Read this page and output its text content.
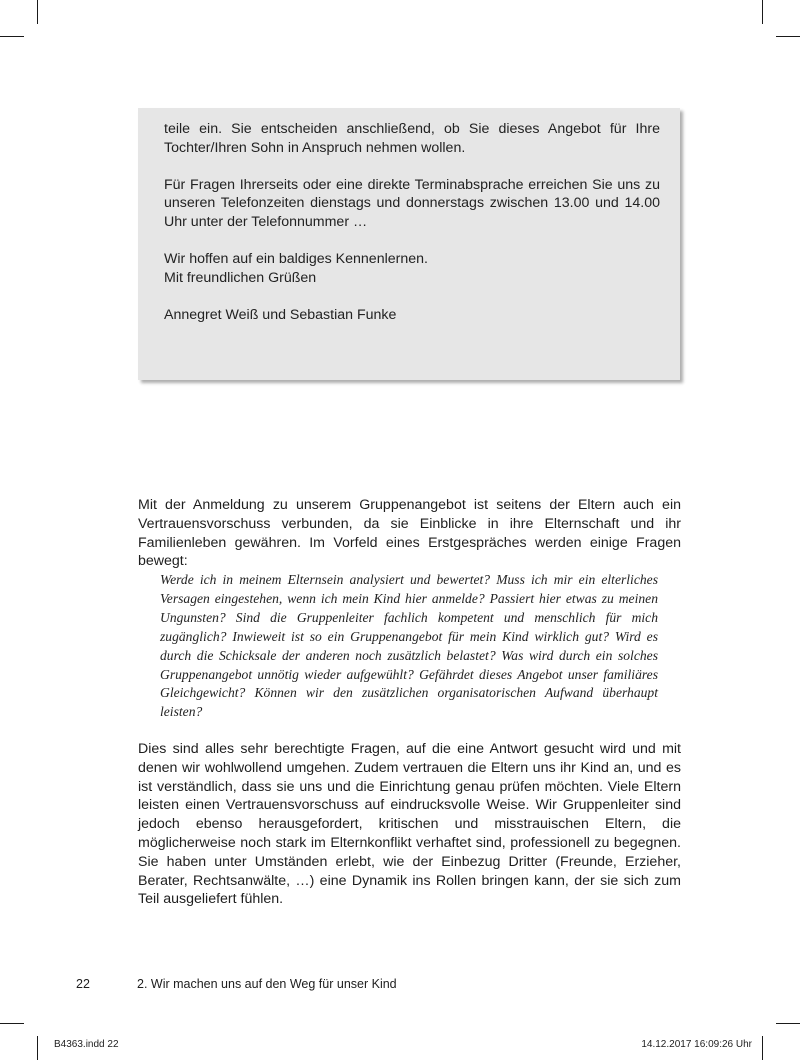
teile ein. Sie entscheiden anschließend, ob Sie dieses Angebot für Ihre Tochter/Ihren Sohn in Anspruch nehmen wollen.

Für Fragen Ihrerseits oder eine direkte Terminabsprache erreichen Sie uns zu unseren Telefonzeiten dienstags und donnerstags zwischen 13.00 und 14.00 Uhr unter der Telefonnummer …

Wir hoffen auf ein baldiges Kennenlernen.
Mit freundlichen Grüßen

Annegret Weiß und Sebastian Funke

Mit der Anmeldung zu unserem Gruppenangebot ist seitens der Eltern auch ein Vertrauensvorschuss verbunden, da sie Einblicke in ihre Elternschaft und ihr Familienleben gewähren. Im Vorfeld eines Erstgespräches werden einige Fragen bewegt:

Werde ich in meinem Elternsein analysiert und bewertet? Muss ich mir ein elterliches Versagen eingestehen, wenn ich mein Kind hier anmelde? Passiert hier etwas zu meinen Ungunsten? Sind die Gruppenleiter fachlich kompetent und menschlich für mich zugänglich? Inwieweit ist so ein Gruppenangebot für mein Kind wirklich gut? Wird es durch die Schicksale der anderen noch zusätzlich belastet? Was wird durch ein solches Gruppenangebot unnötig wieder aufgewühlt? Gefährdet dieses Angebot unser familiäres Gleichgewicht? Können wir den zusätzlichen organisatorischen Aufwand überhaupt leisten?

Dies sind alles sehr berechtigte Fragen, auf die eine Antwort gesucht wird und mit denen wir wohlwollend umgehen. Zudem vertrauen die Eltern uns ihr Kind an, und es ist verständlich, dass sie uns und die Einrichtung genau prüfen möchten. Viele Eltern leisten einen Vertrauensvorschuss auf eindrucksvolle Weise. Wir Gruppenleiter sind jedoch ebenso herausgefordert, kritischen und misstrauischen Eltern, die möglicherweise noch stark im Elternkonflikt verhaftet sind, professionell zu begegnen. Sie haben unter Umständen erlebt, wie der Einbezug Dritter (Freunde, Erzieher, Berater, Rechtsanwälte, …) eine Dynamik ins Rollen bringen kann, der sie sich zum Teil ausgeliefert fühlen.

22	2. Wir machen uns auf den Weg für unser Kind
B4363.indd 22	14.12.2017 16:09:26 Uhr
